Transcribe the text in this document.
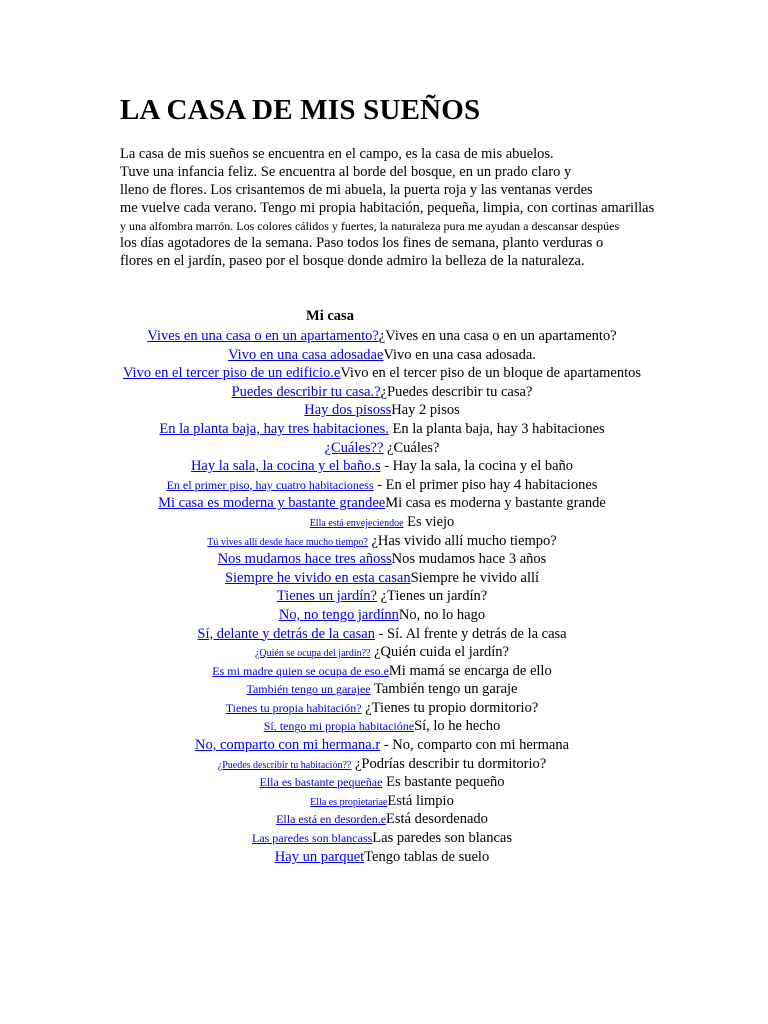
LA CASA DE MIS SUEÑOS
La casa de mis sueños se encuentra en el campo, es la casa de mis abuelos.
Tuve una infancia feliz. Se encuentra al borde del bosque, en un prado claro y
lleno de flores. Los crisantemos de mi abuela, la puerta roja y las ventanas verdes
me vuelve cada verano. Tengo mi propia habitación, pequeña, limpia, con cortinas amarillas
y una alfombra marrón. Los colores cálidos y fuertes, la naturaleza pura me ayudan a descansar despúes
los días agotadores de la semana. Paso todos los fines de semana, planto verduras o
flores en el jardín, paseo por el bosque donde admiro la belleza de la naturaleza.
Mi casa
Vives en una casa o en un apartamento?¿Vives en una casa o en un apartamento?
Vivo en una casa adosadaeVivo en una casa adosada.
Vivo en el tercer piso de un edificio.eVivo en el tercer piso de un bloque de apartamentos
Puedes describir tu casa.?¿Puedes describir tu casa?
Hay dos pisossHay 2 pisos
En la planta baja, hay tres habitaciones. En la planta baja, hay 3 habitaciones
¿Cuáles?? ¿Cuáles?
Hay la sala, la cocina y el baño.s - Hay la sala, la cocina y el baño
En el primer piso, hay cuatro habitacioness - En el primer piso hay 4 habitaciones
Mi casa es moderna y bastante grandeeMi casa es moderna y bastante grande
Ella está envejeciendoe Es viejo
Tú vives allí desde hace mucho tiempo? ¿Has vivido allí mucho tiempo?
Nos mudamos hace tres añossNos mudamos hace 3 años
Siempre he vivido en esta casanSiempre he vivido allí
Tienes un jardín? ¿Tienes un jardín?
No, no tengo jardínnNo, no lo hago
Sí, delante y detrás de la casan - Sí. Al frente y detrás de la casa
¿Quién se ocupa del jardín?? ¿Quién cuida el jardín?
Es mi madre quien se ocupa de eso.eMi mamá se encarga de ello
También tengo un garajee También tengo un garaje
Tienes tu propia habitación? ¿Tienes tu propio dormitorio?
Sí, tengo mi propia habitacióneSí, lo he hecho
No, comparto con mi hermana.r - No, comparto con mi hermana
¿Puedes describir tu habitación?? ¿Podrías describir tu dormitorio?
Ella es bastante pequeñae Es bastante pequeño
Ella es propietariaeEstá limpio
Ella está en desorden.eEstá desordenado
Las paredes son blancassLas paredes son blancas
Hay un parquetTengo tablas de suelo
